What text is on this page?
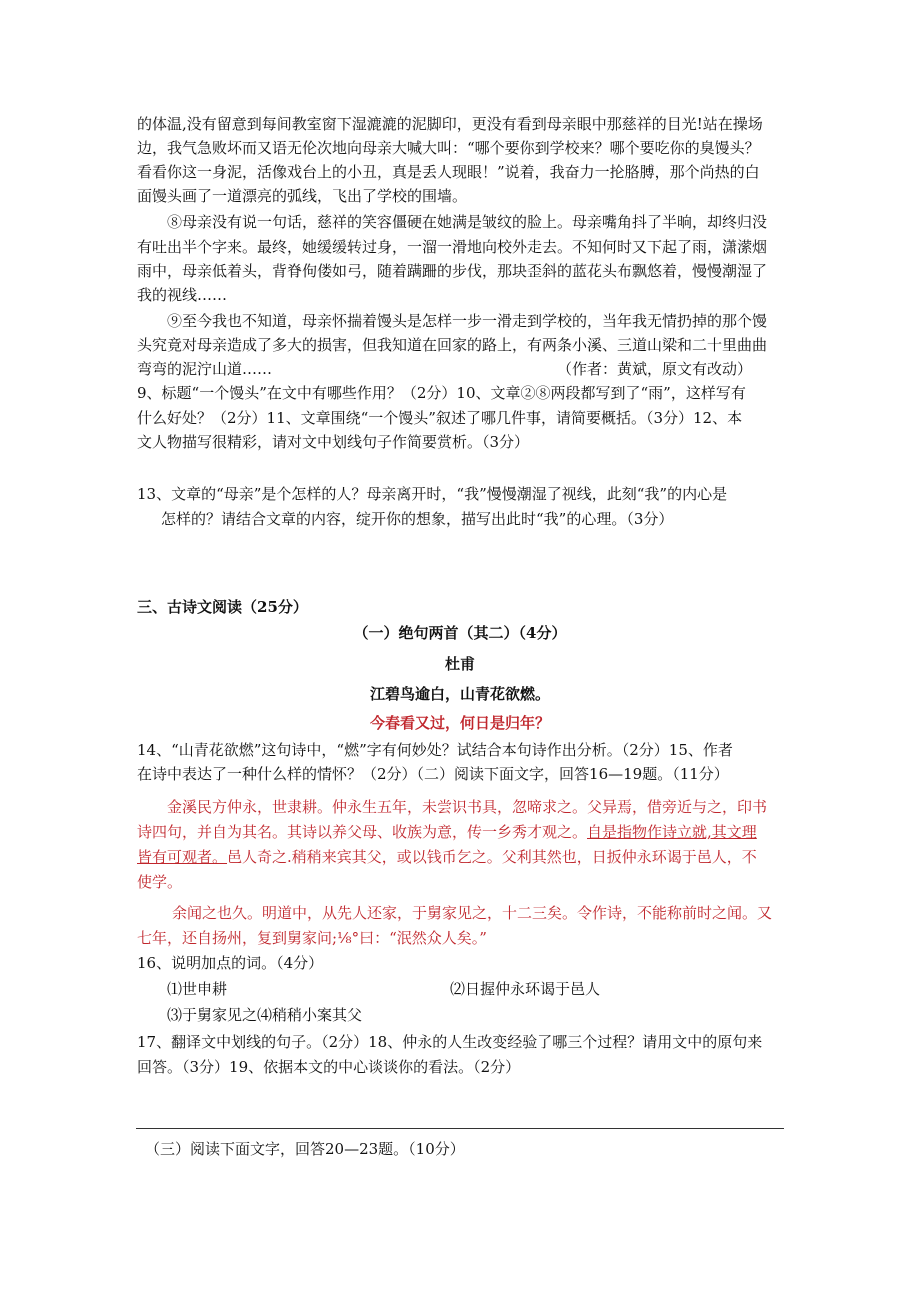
的体温,没有留意到每间教室窗下湿漉漉的泥脚印，更没有看到母亲眼中那慈祥的目光!站在操场
边，我气急败坏而又语无伦次地向母亲大喊大叫：“哪个要你到学校来？哪个要吃你的臭馒头？
看看你这一身泥，活像戏台上的小丑，真是丢人现眼！”说着，我奋力一抡胳膊，那个尚热的白
面馒头画了一道漂亮的弧线，飞出了学校的围墙。
⑧母亲没有说一句话，慈祥的笑容僵硬在她满是皱纹的脸上。母亲嘴角抖了半晌，却终归没
有吐出半个字来。最终，她缓缓转过身，一溜一滑地向校外走去。不知何时又下起了雨，潇潆烟
雨中，母亲低着头，背脊佝偻如弓，随着蹒跚的步伐，那块歪斜的蓝花头布飘悠着，慢慢潮湿了
我的视线……
⑨至今我也不知道，母亲怀揣着馒头是怎样一步一滑走到学校的，当年我无情扔掉的那个馒
头究竟对母亲造成了多大的损害，但我知道在回家的路上，有两条小溪、三道山梁和二十里曲曲
弯弯的泥泞山道……	（作者：黄斌，原文有改动）
9、标题“一个馒头”在文中有哪些作用？（2分）10、文章②⑧两段都写到了“雨”，这样写有
什么好处？（2分）11、文章围绕“一个馒头”叙述了哪几件事，请简要概括。（3分）12、本
文人物描写很精彩，请对文中划线句子作简要赏析。（3分）
13、文章的“母亲”是个怎样的人？母亲离开时，“我”慢慢潮湿了视线，此刻“我”的内心是
怎样的？请结合文章的内容，绽开你的想象，描写出此时“我”的心理。（3分）
三、古诗文阅读（25分）
（一）绝句两首（其二）（4分）
杜甫
江碧鸟逾白，山青花欲燃。
今春看又过，何日是归年？
14、“山青花欲燃”这句诗中，“燃”字有何妙处？试结合本句诗作出分析。（2分）15、作者
在诗中表达了一种什么样的情怀？（2分）（二）阅读下面文字，回答16—19题。（11分）
金溪民方仲永，世隶耕。仲永生五年，未尝识书具，忽啼求之。父异焉，借旁近与之，印书
诗四句，并自为其名。其诗以养父母、收族为意，传一乡秀才观之。自是指物作诗立就,其文理
皆有可观者。邑人奇之.稍稍来宾其父，或以钱币乞之。父利其然也，日扳仲永环谒于邑人，不
使学。
余闻之也久。明道中，从先人还家，于舅家见之，十二三矣。令作诗，不能称前时之闻。又
七年，还自扬州，复到舅家问;⅛°曰：“泯然众人矣。”
16、说明加点的词。（4分）
⑴世申耕	⑵日握仲永环谒于邑人
⑶于舅家见之⑷稍稍小案其父
17、翻译文中划线的句子。（2分）18、仲永的人生改变经验了哪三个过程？请用文中的原句来
回答。（3分）19、依据本文的中心谈谈你的看法。（2分）
（三）阅读下面文字，回答20—23题。（10分）
